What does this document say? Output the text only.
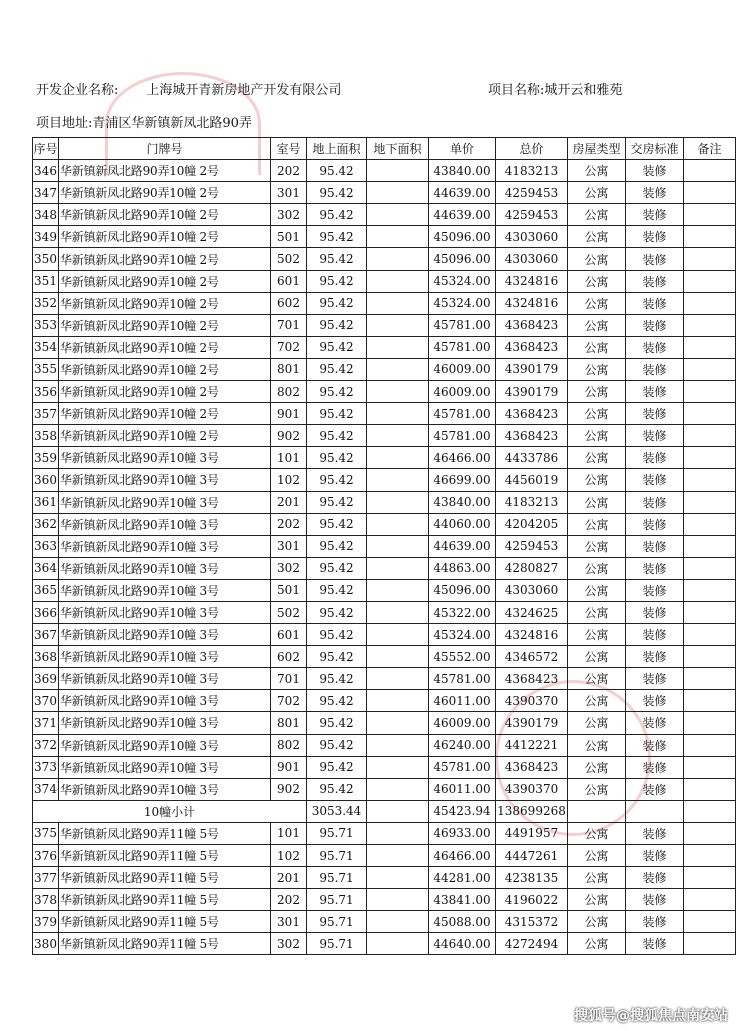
开发企业名称: 上海城开青新房地产开发有限公司	项目名称:城开云和雅苑
项目地址:青浦区华新镇新凤北路90弄
序号	门牌号	室号	地上面积	地下面积	单价	总价	房屋类型	交房标准	备注
346	华新镇新凤北路90弄10幢 2号	202	95.42		43840.00	4183213	公寓	装修	
347	华新镇新凤北路90弄10幢 2号	301	95.42		44639.00	4259453	公寓	装修	
348	华新镇新凤北路90弄10幢 2号	302	95.42		44639.00	4259453	公寓	装修	
349	华新镇新凤北路90弄10幢 2号	501	95.42		45096.00	4303060	公寓	装修	
350	华新镇新凤北路90弄10幢 2号	502	95.42		45096.00	4303060	公寓	装修	
351	华新镇新凤北路90弄10幢 2号	601	95.42		45324.00	4324816	公寓	装修	
352	华新镇新凤北路90弄10幢 2号	602	95.42		45324.00	4324816	公寓	装修	
353	华新镇新凤北路90弄10幢 2号	701	95.42		45781.00	4368423	公寓	装修	
354	华新镇新凤北路90弄10幢 2号	702	95.42		45781.00	4368423	公寓	装修	
355	华新镇新凤北路90弄10幢 2号	801	95.42		46009.00	4390179	公寓	装修	
356	华新镇新凤北路90弄10幢 2号	802	95.42		46009.00	4390179	公寓	装修	
357	华新镇新凤北路90弄10幢 2号	901	95.42		45781.00	4368423	公寓	装修	
358	华新镇新凤北路90弄10幢 2号	902	95.42		45781.00	4368423	公寓	装修	
359	华新镇新凤北路90弄10幢 3号	101	95.42		46466.00	4433786	公寓	装修	
360	华新镇新凤北路90弄10幢 3号	102	95.42		46699.00	4456019	公寓	装修	
361	华新镇新凤北路90弄10幢 3号	201	95.42		43840.00	4183213	公寓	装修	
362	华新镇新凤北路90弄10幢 3号	202	95.42		44060.00	4204205	公寓	装修	
363	华新镇新凤北路90弄10幢 3号	301	95.42		44639.00	4259453	公寓	装修	
364	华新镇新凤北路90弄10幢 3号	302	95.42		44863.00	4280827	公寓	装修	
365	华新镇新凤北路90弄10幢 3号	501	95.42		45096.00	4303060	公寓	装修	
366	华新镇新凤北路90弄10幢 3号	502	95.42		45322.00	4324625	公寓	装修	
367	华新镇新凤北路90弄10幢 3号	601	95.42		45324.00	4324816	公寓	装修	
368	华新镇新凤北路90弄10幢 3号	602	95.42		45552.00	4346572	公寓	装修	
369	华新镇新凤北路90弄10幢 3号	701	95.42		45781.00	4368423	公寓	装修	
370	华新镇新凤北路90弄10幢 3号	702	95.42		46011.00	4390370	公寓	装修	
371	华新镇新凤北路90弄10幢 3号	801	95.42		46009.00	4390179	公寓	装修	
372	华新镇新凤北路90弄10幢 3号	802	95.42		46240.00	4412221	公寓	装修	
373	华新镇新凤北路90弄10幢 3号	901	95.42		45781.00	4368423	公寓	装修	
374	华新镇新凤北路90弄10幢 3号	902	95.42		46011.00	4390370	公寓	装修	
10幢小计			3053.44		45423.94	138699268			
375	华新镇新凤北路90弄11幢 5号	101	95.71		46933.00	4491957	公寓	装修	
376	华新镇新凤北路90弄11幢 5号	102	95.71		46466.00	4447261	公寓	装修	
377	华新镇新凤北路90弄11幢 5号	201	95.71		44281.00	4238135	公寓	装修	
378	华新镇新凤北路90弄11幢 5号	202	95.71		43841.00	4196022	公寓	装修	
379	华新镇新凤北路90弄11幢 5号	301	95.71		45088.00	4315372	公寓	装修	
380	华新镇新凤北路90弄11幢 5号	302	95.71		44640.00	4272494	公寓	装修	
搜狐号@搜狐焦点南安站
